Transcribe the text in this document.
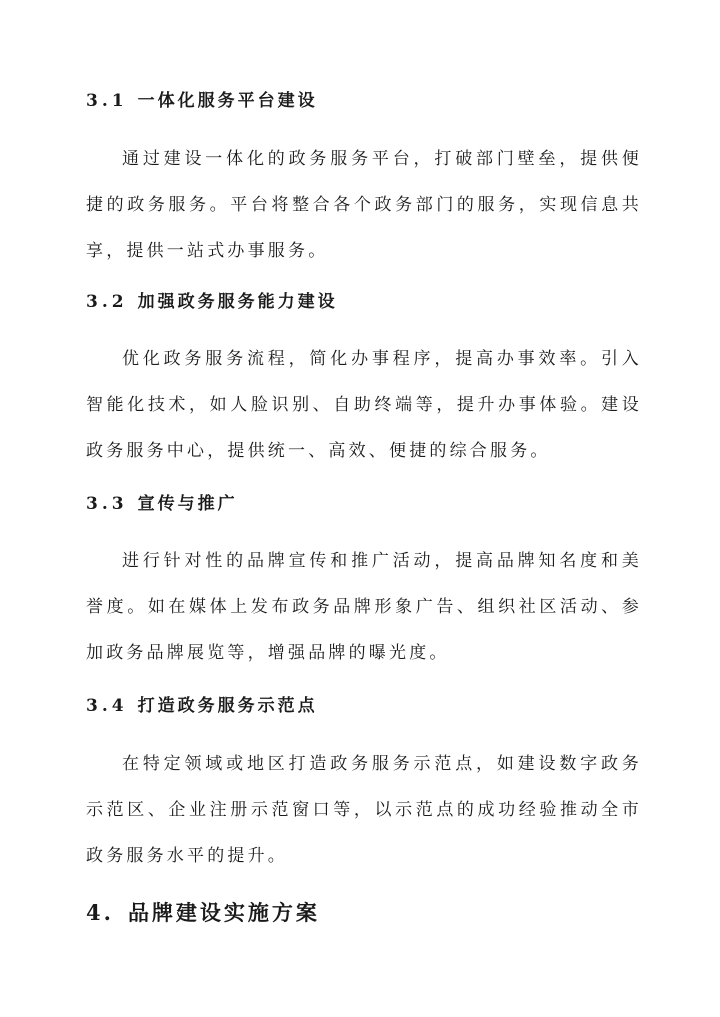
3.1 一体化服务平台建设
通过建设一体化的政务服务平台，打破部门壁垒，提供便捷的政务服务。平台将整合各个政务部门的服务，实现信息共享，提供一站式办事服务。
3.2 加强政务服务能力建设
优化政务服务流程，简化办事程序，提高办事效率。引入智能化技术，如人脸识别、自助终端等，提升办事体验。建设政务服务中心，提供统一、高效、便捷的综合服务。
3.3 宣传与推广
进行针对性的品牌宣传和推广活动，提高品牌知名度和美誉度。如在媒体上发布政务品牌形象广告、组织社区活动、参加政务品牌展览等，增强品牌的曝光度。
3.4 打造政务服务示范点
在特定领域或地区打造政务服务示范点，如建设数字政务示范区、企业注册示范窗口等，以示范点的成功经验推动全市政务服务水平的提升。
4. 品牌建设实施方案
